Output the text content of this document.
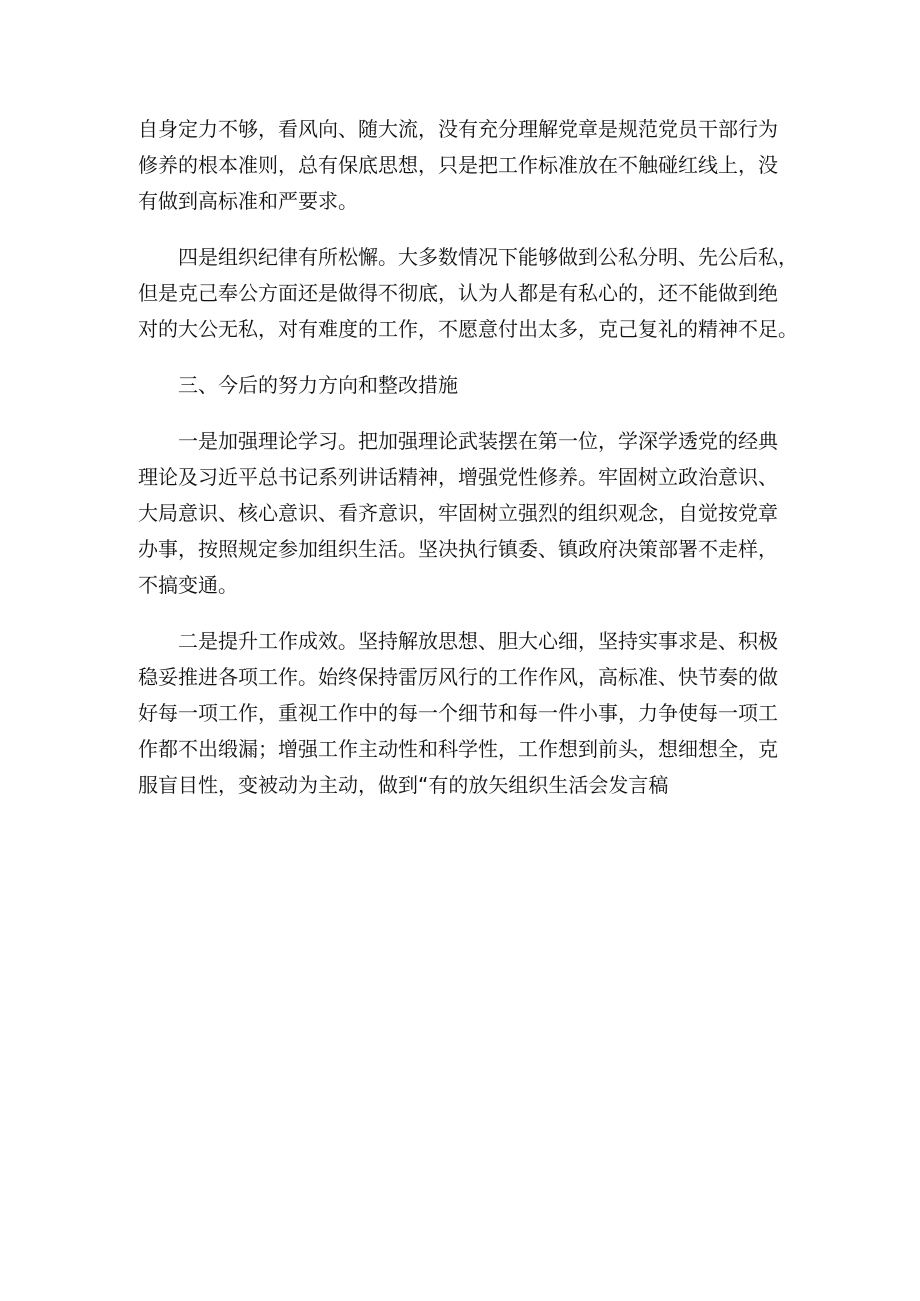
自身定力不够，看风向、随大流，没有充分理解党章是规范党员干部行为
修养的根本准则，总有保底思想，只是把工作标准放在不触碰红线上，没
有做到高标准和严要求。
四是组织纪律有所松懈。大多数情况下能够做到公私分明、先公后私，
但是克己奉公方面还是做得不彻底，认为人都是有私心的，还不能做到绝
对的大公无私，对有难度的工作，不愿意付出太多，克己复礼的精神不足。
三、今后的努力方向和整改措施
一是加强理论学习。把加强理论武装摆在第一位，学深学透党的经典
理论及习近平总书记系列讲话精神，增强党性修养。牢固树立政治意识、
大局意识、核心意识、看齐意识，牢固树立强烈的组织观念，自觉按党章
办事，按照规定参加组织生活。坚决执行镇委、镇政府决策部署不走样，
不搞变通。
二是提升工作成效。坚持解放思想、胆大心细，坚持实事求是、积极
稳妥推进各项工作。始终保持雷厉风行的工作作风，高标准、快节奏的做
好每一项工作，重视工作中的每一个细节和每一件小事，力争使每一项工
作都不出缎漏；增强工作主动性和科学性，工作想到前头，想细想全，克
服盲目性，变被动为主动，做到“有的放矢组织生活会发言稿
